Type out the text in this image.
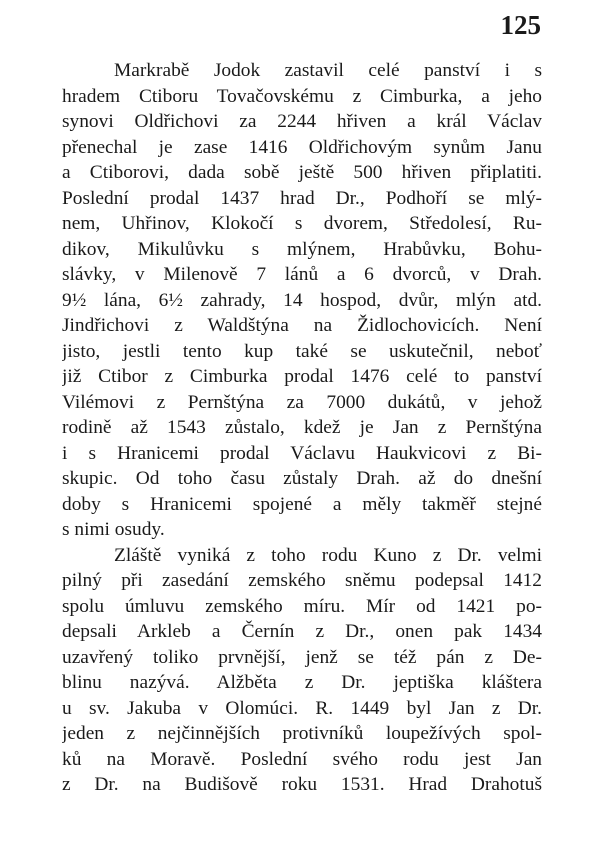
125
Markrabě Jodok zastavil celé panství i s
hradem Ctiboru Tovačovskému z Cimburka, a jeho
synovi Oldřichovi za 2244 hřiven a král Václav
přenechal je zase 1416 Oldřichovým synům Janu
a Ctiborovi, dada sobě ještě 500 hřiven připlatiti.
Poslední prodal 1437 hrad Dr., Podhoří se mlý-
nem, Uhřinov, Klokočí s dvorem, Středolesí, Ru-
dikov, Mikulůvku s mlýnem, Hrabůvku, Bohu-
slávky, v Milenově 7 lánů a 6 dvorců, v Drah.
9½ lána, 6½ zahrady, 14 hospod, dvůr, mlýn atd.
Jindřichovi z Waldštýna na Židlochovicích. Není
jisto, jestli tento kup také se uskutečnil, neboť
již Ctibor z Cimburka prodal 1476 celé to panství
Vilémovi z Pernštýna za 7000 dukátů, v jehož
rodině až 1543 zůstalo, kdež je Jan z Pernštýna
i s Hranicemi prodal Václavu Haukvicovi z Bi-
skupic. Od toho času zůstaly Drah. až do dnešní
doby s Hranicemi spojené a měly takměř stejné
s nimi osudy.
Zláště vyniká z toho rodu Kuno z Dr. velmi
pilný při zasedání zemského sněmu podepsal 1412
spolu úmluvu zemského míru. Mír od 1421 po-
depsali Arkleb a Černín z Dr., onen pak 1434
uzavřený toliko prvnější, jenž se též pán z De-
blinu nazývá. Alžběta z Dr. jeptiška kláštera
u sv. Jakuba v Olomúci. R. 1449 byl Jan z Dr.
jeden z nejčinnějších protivníků loupežívých spol-
ků na Moravě. Poslední svého rodu jest Jan
z Dr. na Budišově roku 1531. Hrad Drahotuš
